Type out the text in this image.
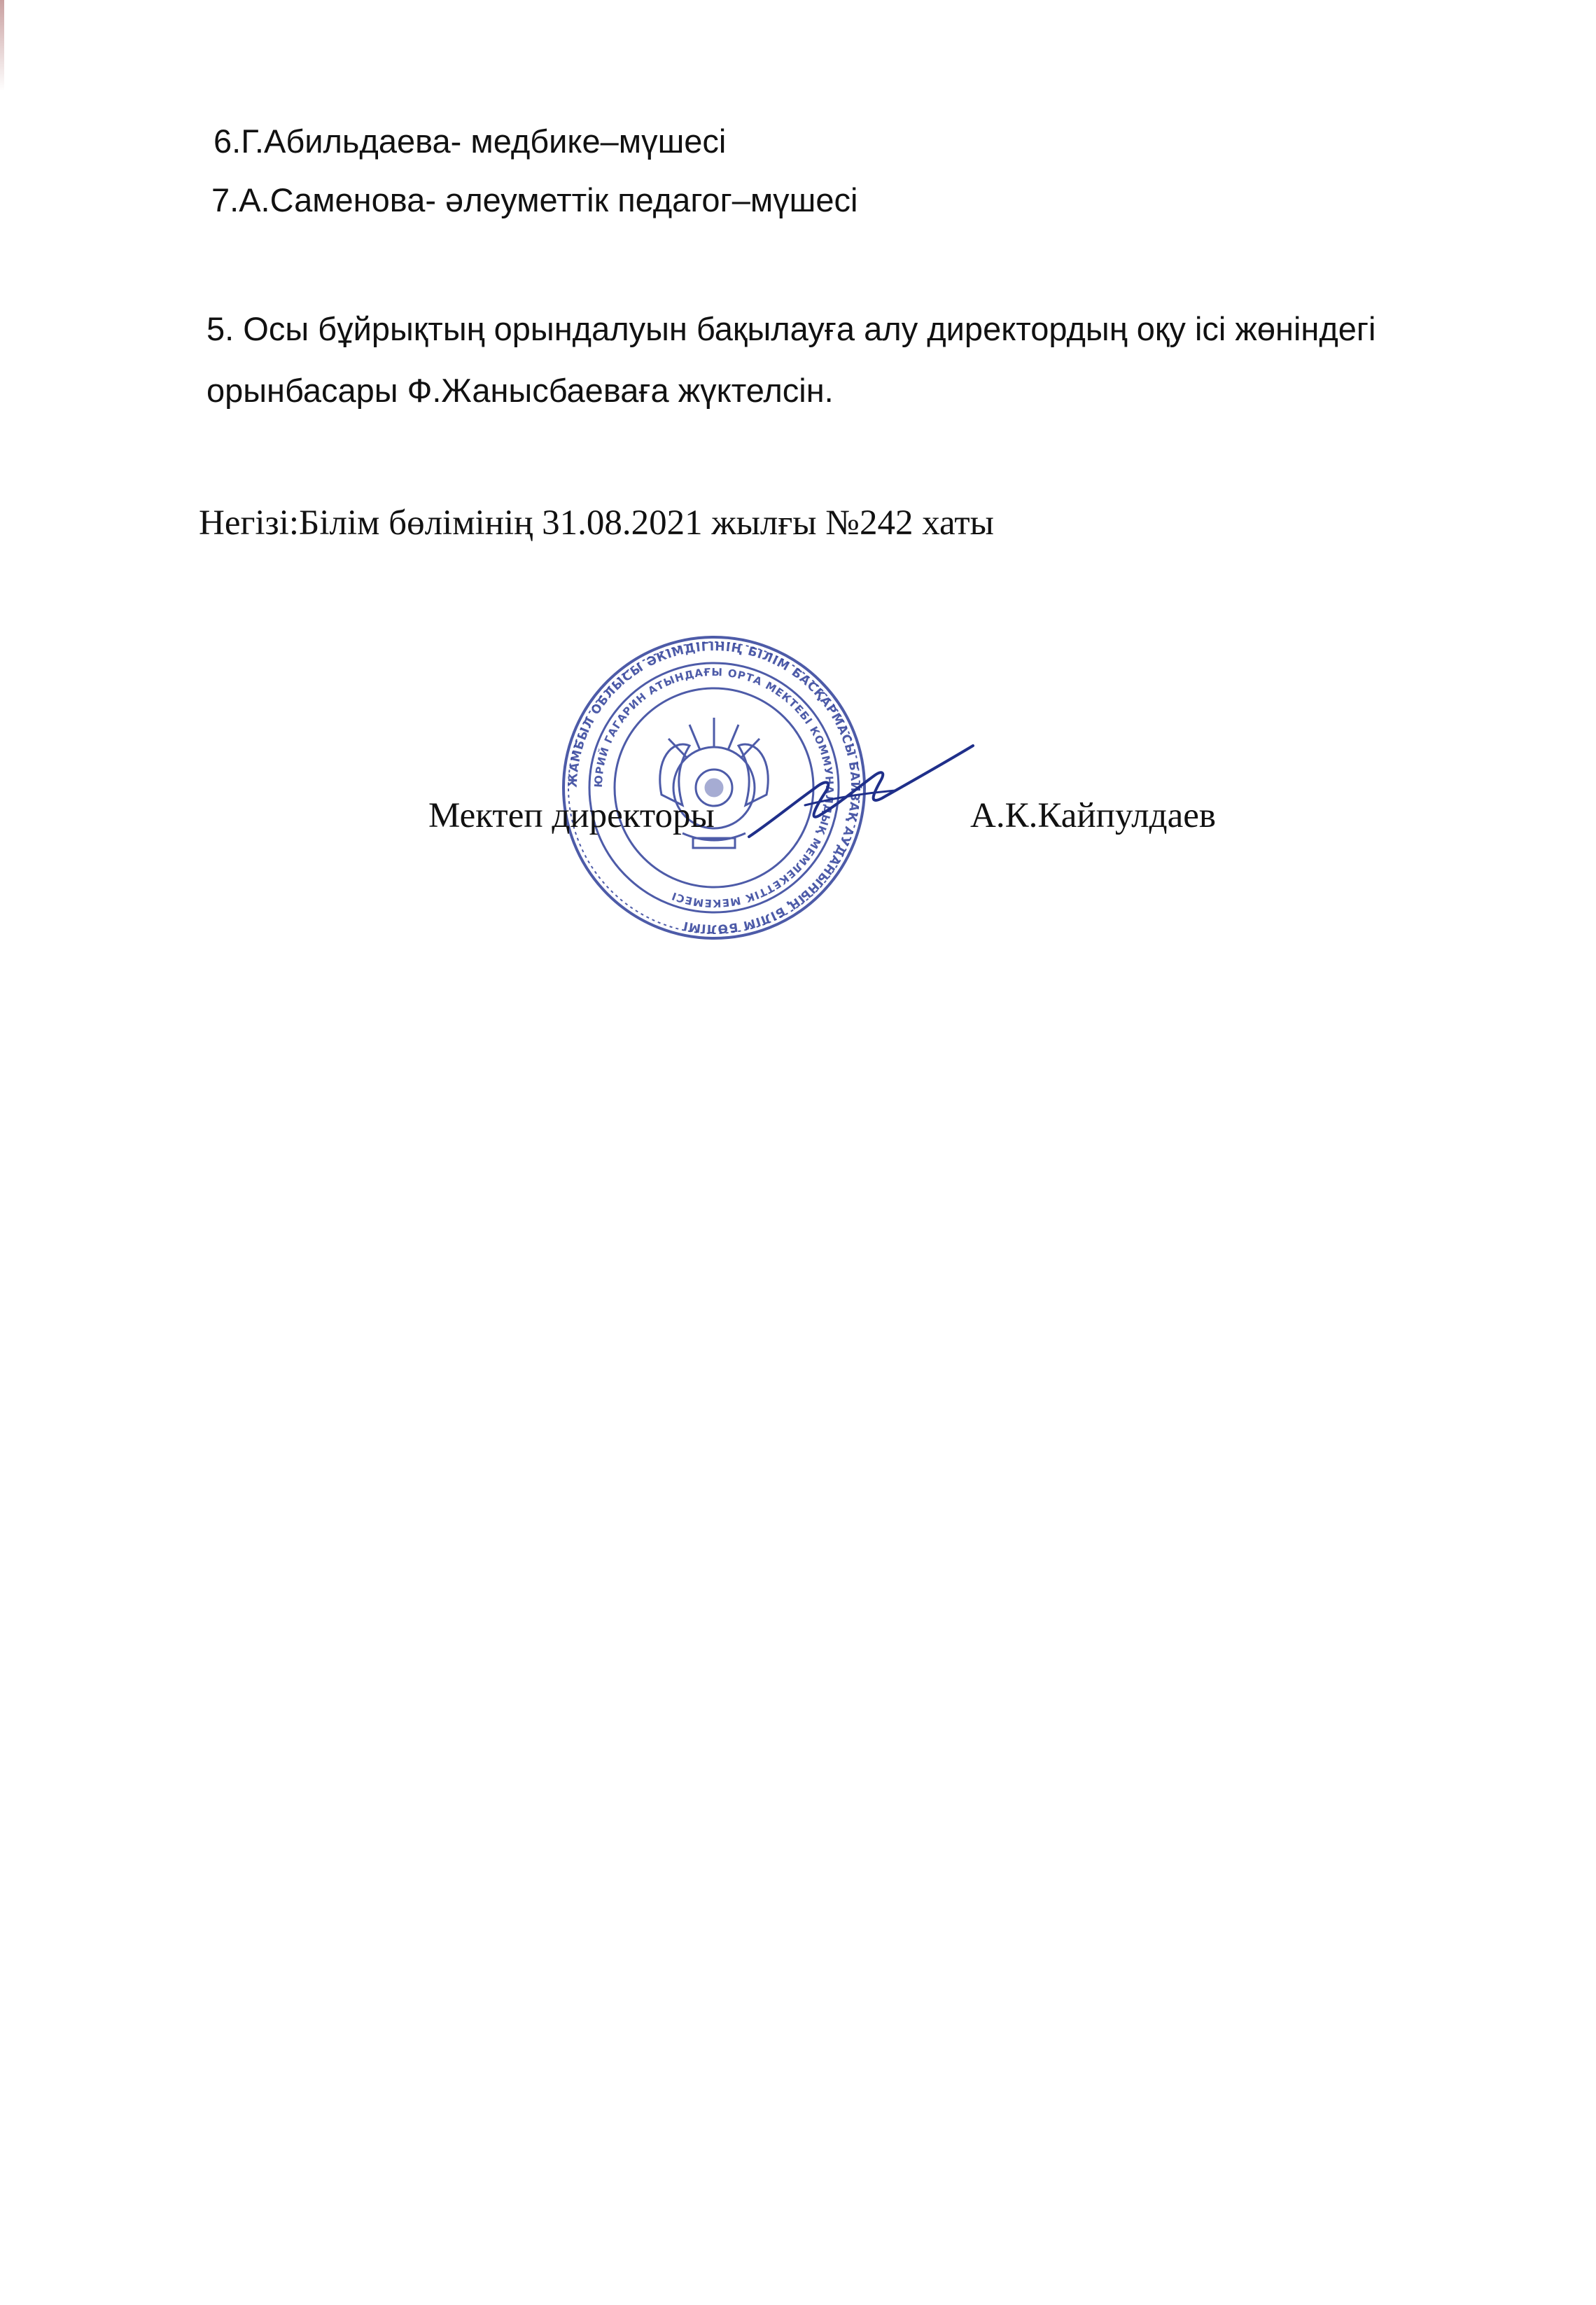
6.Г.Абильдаева- медбике–мүшесі
7.А.Саменова- әлеуметтік педагог–мүшесі
5. Осы бұйрықтың орындалуын бақылауға алу директордың оқу ісі жөніндегі
орынбасары Ф.Жанысбаеваға жүктелсін.
Негізі:Білім бөлімінің 31.08.2021 жылғы №242 хаты
ЖАМБЫЛ ОБЛЫСЫ ӘКІМДІГІНІҢ БІЛІМ БАСҚАРМАСЫ БАЙЗАҚ АУДАНЫНЫҢ БІЛІМ БӨЛІМІ
ЮРИЙ ГАГАРИН АТЫНДАҒЫ ОРТА МЕКТЕБІ КОММУНАЛДЫҚ МЕМЛЕКЕТТІК МЕКЕМЕСІ
Мектеп директоры	А.К.Кайпулдаев
